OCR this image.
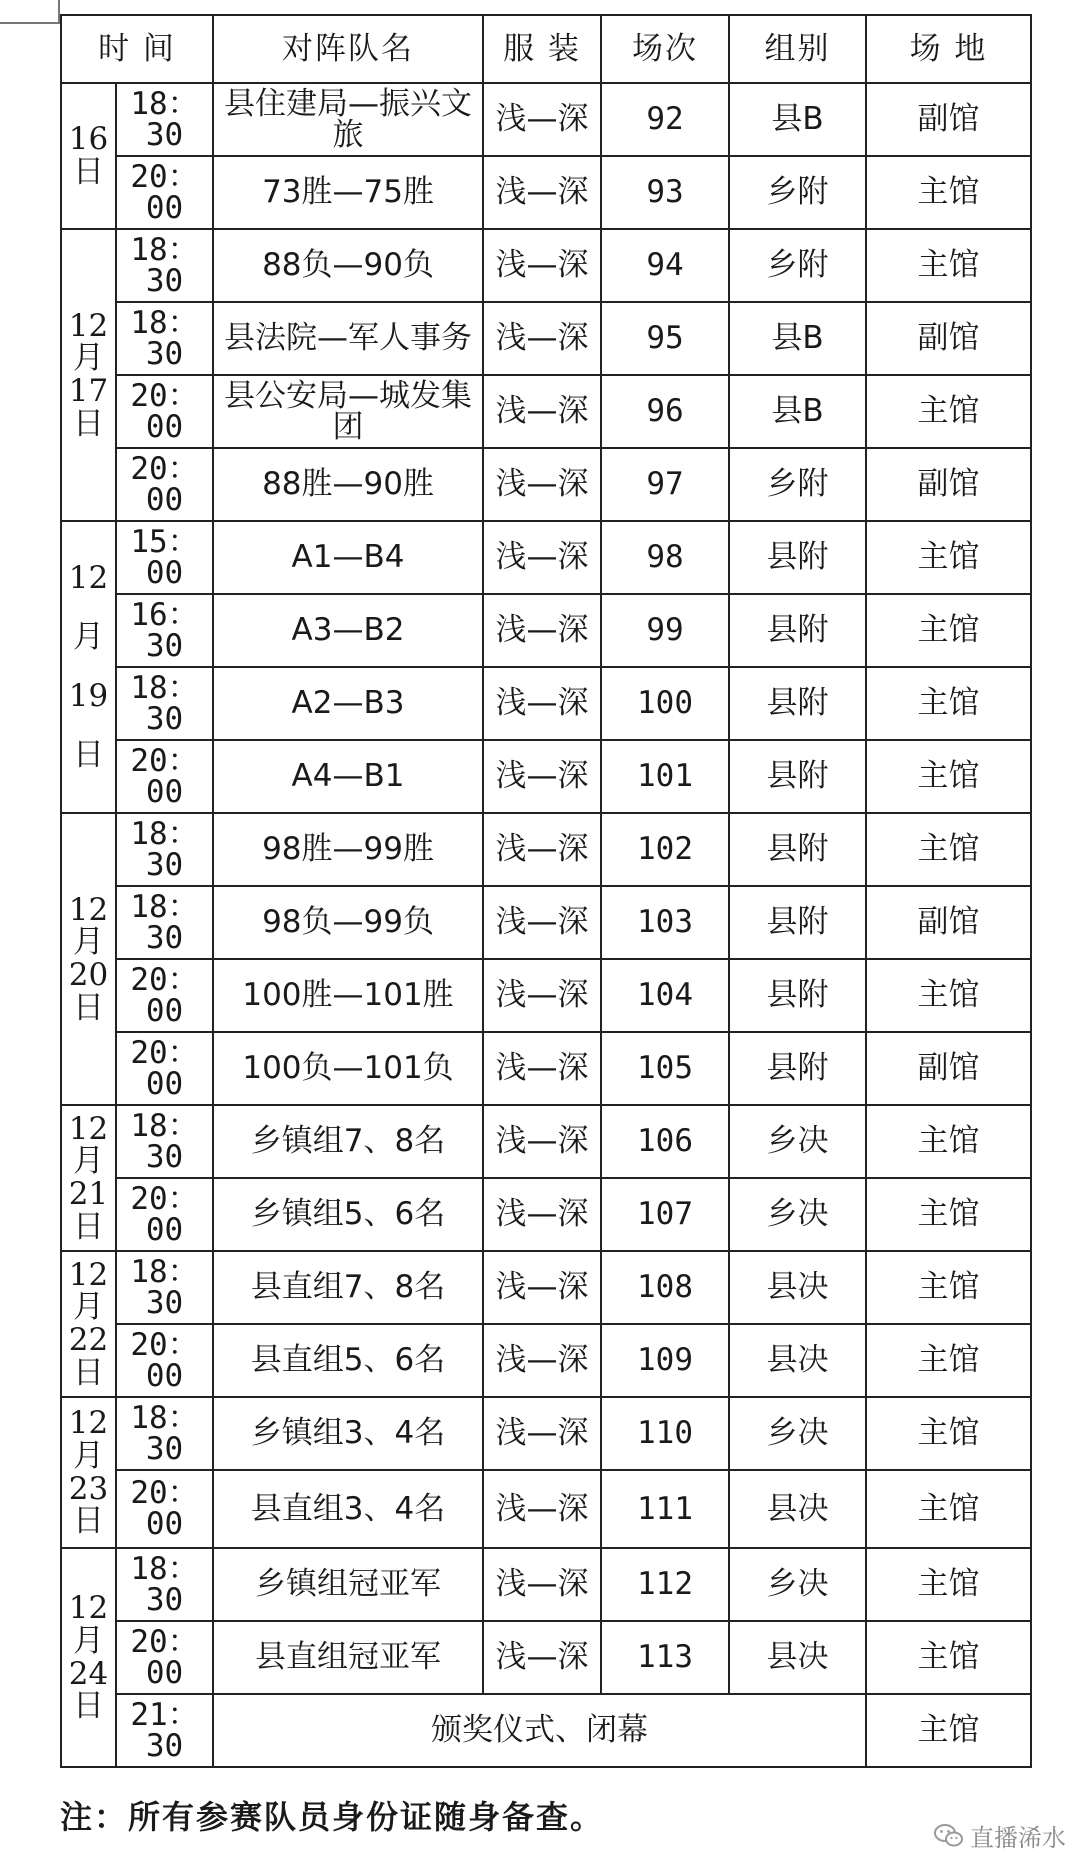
时 间		对阵队名	服 装	场次	组别	场 地

16
日	18：30	县住建局—振兴文旅	浅—深	92	县B	副馆
	20：00	73胜—75胜	浅—深	93	乡附	主馆

12
月
17
日	18：30	88负—90负	浅—深	94	乡附	主馆
	18：30	县法院—军人事务	浅—深	95	县B	副馆
	20：00	县公安局—城发集团	浅—深	96	县B	主馆
	20：00	88胜—90胜	浅—深	97	乡附	副馆

12
月
19
日	15：00	A1—B4	浅—深	98	县附	主馆
	16：30	A3—B2	浅—深	99	县附	主馆
	18：30	A2—B3	浅—深	100	县附	主馆
	20：00	A4—B1	浅—深	101	县附	主馆

12
月
20
日	18：30	98胜—99胜	浅—深	102	县附	主馆
	18：30	98负—99负	浅—深	103	县附	副馆
	20：00	100胜—101胜	浅—深	104	县附	主馆
	20：00	100负—101负	浅—深	105	县附	副馆

12
月
21
日	18：30	乡镇组7、8名	浅—深	106	乡决	主馆
	20：00	乡镇组5、6名	浅—深	107	乡决	主馆

12
月
22
日	18：30	县直组7、8名	浅—深	108	县决	主馆
	20：00	县直组5、6名	浅—深	109	县决	主馆

12
月
23
日	18：30	乡镇组3、4名	浅—深	110	乡决	主馆
	20：00	县直组3、4名	浅—深	111	县决	主馆

12
月
24
日	18：30	乡镇组冠亚军	浅—深	112	乡决	主馆
	20：00	县直组冠亚军	浅—深	113	县决	主馆
	21：30	颁奖仪式、闭幕				主馆
注：所有参赛队员身份证随身备查。
直播浠水
